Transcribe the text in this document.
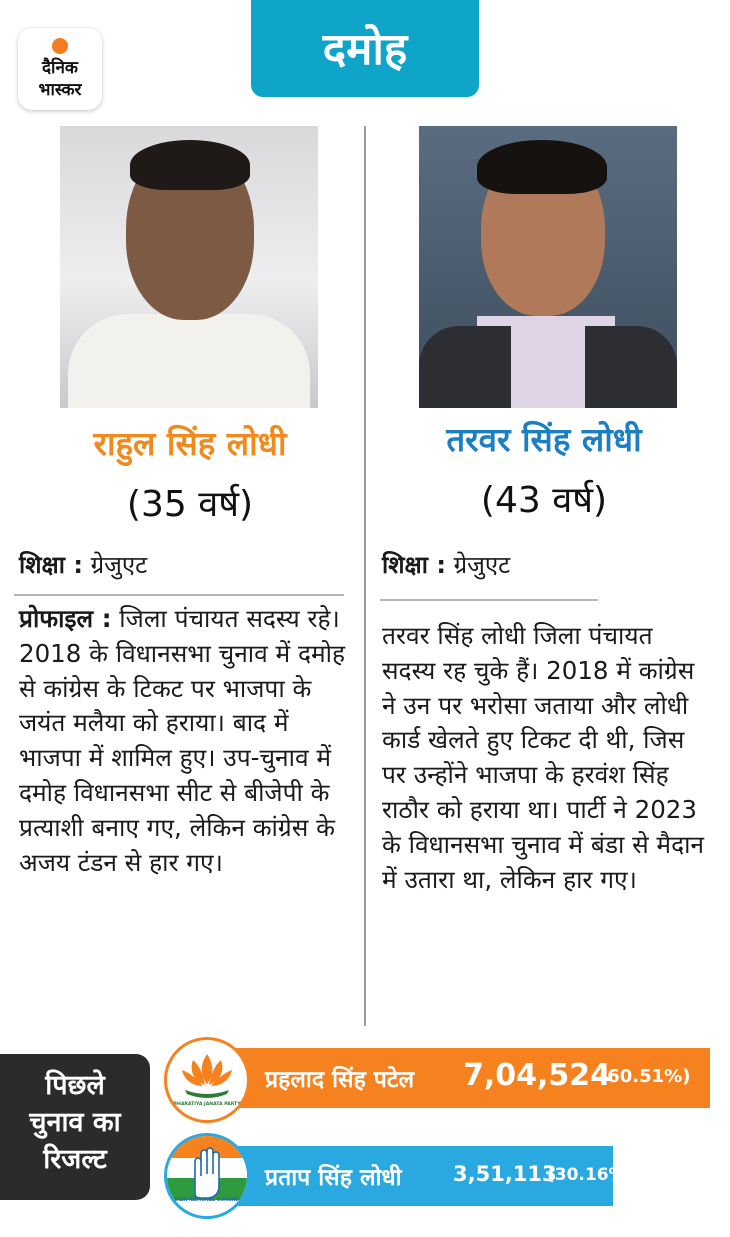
दैनिक
भास्कर
दमोह
राहुल सिंह लोधी
(35 वर्ष)
शिक्षा : ग्रेजुएट
प्रोफाइल : जिला पंचायत सदस्य रहे। 2018 के विधानसभा चुनाव में दमोह से कांग्रेस के टिकट पर भाजपा के जयंत मलैया को हराया। बाद में भाजपा में शामिल हुए। उप-चुनाव में दमोह विधानसभा सीट से बीजेपी के प्रत्याशी बनाए गए, लेकिन कांग्रेस के अजय टंडन से हार गए।
तरवर सिंह लोधी
(43 वर्ष)
शिक्षा : ग्रेजुएट
तरवर सिंह लोधी जिला पंचायत सदस्य रह चुके हैं। 2018 में कांग्रेस ने उन पर भरोसा जताया और लोधी कार्ड खेलते हुए टिकट दी थी, जिस पर उन्होंने भाजपा के हरवंश सिंह राठौर को हराया था। पार्टी ने 2023 के विधानसभा चुनाव में बंडा से मैदान में उतारा था, लेकिन हार गए।
पिछले
चुनाव का
रिजल्ट
प्रहलाद सिंह पटेल 7,04,524
(60.51%)
BHARATIYA JANATA PARTY
प्रताप सिंह लोधी 3,51,113
(30.16%)
INDIAN NATIONAL CONGRESS
